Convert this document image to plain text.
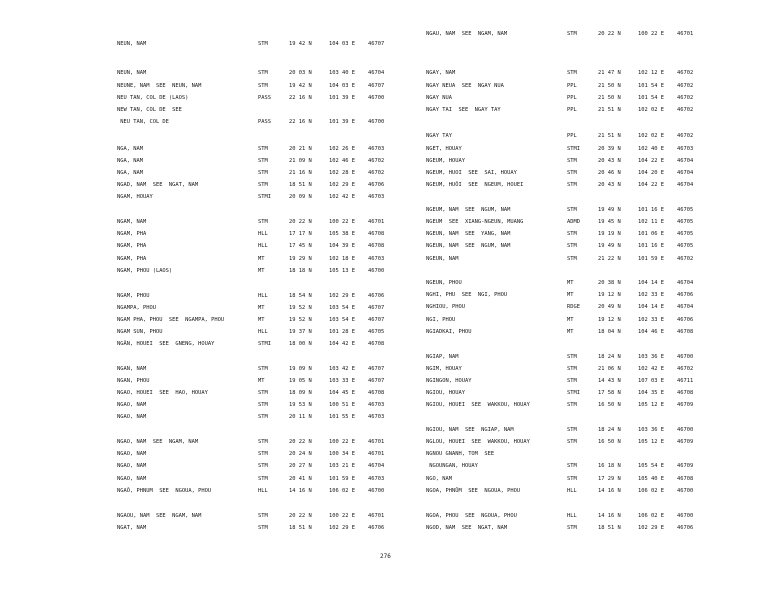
NEUN, NAM	STM	19 42 N	104 03 E 46707
NEUN, NAM	STM	20 03 N	103 40 E 46704
NEUNE, NAM  SEE  NEUN, NAM	STM	19 42 N	104 03 E 46707
NEU TAN, COL DE (LAOS)	PASS	22 16 N	101 39 E 46700
NEW TAN, COL DE  SEE
NEU TAN, COL DE	PASS	22 16 N	101 39 E 46700
NGA, NAM	STM	20 21 N	102 26 E 46703
NGA, NAM	STM	21 09 N	102 46 E 46702
NGA, NAM	STM	21 16 N	102 28 E 46702
NGAD, NAM  SEE  NGAT, NAM	STM	18 51 N	102 29 E 46706
NGAM, HOUAY	STMI	20 09 N	102 42 E 46703
NGAM, NAM	STM	20 22 N	100 22 E 46701
NGAM, PHA	HLL	17 17 N	105 38 E 46708
NGAM, PHA	HLL	17 45 N	104 39 E 46708
NGAM, PHA	MT	19 29 N	102 18 E 46703
NGAM, PHOU (LAOS)	MT	18 18 N	105 13 E 46700
NGAM, PHOU	HLL	18 54 N	102 29 E 46706
NGAMPA, PHOU	MT	19 52 N	103 54 E 46707
NGAM PHA, PHOU  SEE  NGAMPA, PHOU	MT	19 52 N	103 54 E 46707
NGAM SUN, PHOU	HLL	19 37 N	101 28 E 46705
NGÂN, HOUEI  SEE  GNENG, HOUAY	STMI	18 00 N	104 42 E 46708
NGAN, NAM	STM	19 09 N	103 42 E 46707
NGAN, PHOU	MT	19 05 N	103 33 E 46707
NGAO, HOUEI  SEE  HAO, HOUAY	STM	18 09 N	104 45 E 46708
NGAO, NAM	STM	19 53 N	100 51 E 46703
NGAO, NAM	STM	20 11 N	101 55 E 46703
NGAO, NAM  SEE  NGAM, NAM	STM	20 22 N	100 22 E 46701
NGAO, NAM	STM	20 24 N	100 34 E 46701
NGAO, NAM	STM	20 27 N	103 21 E 46704
NGAO, NAM	STM	20 41 N	101 59 E 46703
NGAÔ, PHNUM  SEE  NGOUA, PHOU	HLL	14 16 N	106 02 E 46700
NGAOU, NAM  SEE  NGAM, NAM	STM	20 22 N	100 22 E 46701
NGAT, NAM	STM	18 51 N	102 29 E 46706
NGAU, NAM  SEE  NGAM, NAM	STM	20 22 N	100 22 E 46701
NGAY, NAM	STM	21 47 N	102 12 E 46702
NGAY NEUA  SEE  NGAY NUA	PPL	21 50 N	101 54 E 46702
NGAY NUA	PPL	21 50 N	101 54 E 46702
NGAY TAI  SEE  NGAY TAY	PPL	21 51 N	102 02 E 46702
NGAY TAY	PPL	21 51 N	102 02 E 46702
NGET, HOUAY	STMI	20 39 N	102 40 E 46703
NGEUM, HOUAY	STM	20 43 N	104 22 E 46704
NGEUM, HUOI  SEE  SAI, HOUAY	STM	20 46 N	104 20 E 46704
NGEUM, HUÔI  SEE  NGEUM, HOUEI	STM	20 43 N	104 22 E 46704
NGEUM, NAM  SEE  NGUM, NAM	STM	19 49 N	101 16 E 46705
NGEUM  SEE  XIANG-NGEUN, MUANG	ADMD	19 45 N	102 11 E 46705
NGEUN, NAM  SEE  YANG, NAM	STM	19 19 N	101 06 E 46705
NGEUN, NAM  SEE  NGUM, NAM	STM	19 49 N	101 16 E 46705
NGEUN, NAM	STM	21 22 N	101 59 E 46702
NGEUN, PHOU	MT	20 38 N	104 14 E 46704
NGHI, PHU  SEE  NGI, PHOU	MT	19 12 N	102 33 E 46706
NGHIOU, PHOU	RDGE	20 49 N	104 14 E 46704
NGI, PHOU	MT	19 12 N	102 33 E 46706
NGIADKAI, PHOU	MT	18 04 N	104 46 E 46708
NGIAP, NAM	STM	18 24 N	103 36 E 46700
NGIM, HOUAY	STM	21 06 N	102 42 E 46702
NGINGON, HOUAY	STM	14 43 N	107 03 E 46711
NGIOU, HOUAY	STMI	17 58 N	104 35 E 46708
NGIOU, HOUEI  SEE  WAKKOU, HOUAY	STM	16 50 N	105 12 E 46709
NGIOU, NAM  SEE  NGIAP, NAM	STM	18 24 N	103 36 E 46700
NGLOU, HOUEI  SEE  WAKKOU, HOUAY	STM	16 50 N	105 12 E 46709
NGNOU GNANH, TOM  SEE
NGOUNGAN, HOUAY	STM	16 18 N	105 54 E 46709
NGO, NAM	STM	17 29 N	105 40 E 46708
NGOA, PHNŪM  SEE  NGOUA, PHOU	HLL	14 16 N	106 02 E 46700
NGOA, PHOU  SEE  NGOUA, PHOU	HLL	14 16 N	106 02 E 46700
NGOD, NAM  SEE  NGAT, NAM	STM	18 51 N	102 29 E 46706
276
